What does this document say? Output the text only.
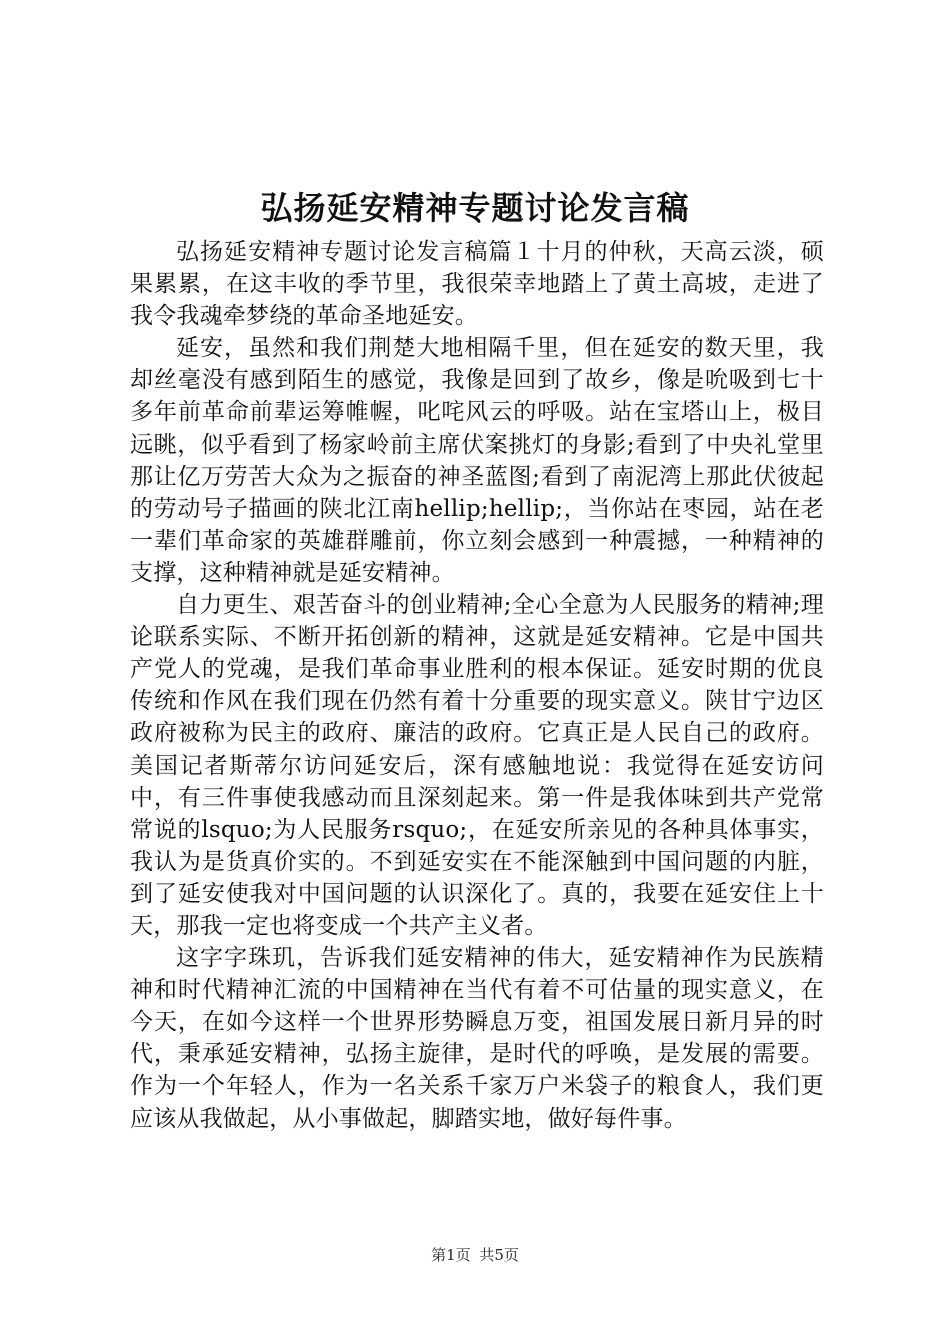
弘扬延安精神专题讨论发言稿

弘扬延安精神专题讨论发言稿篇１十月的仲秋，天高云淡，硕果累累，在这丰收的季节里，我很荣幸地踏上了黄土高坡，走进了我令我魂牵梦绕的革命圣地延安。

延安，虽然和我们荆楚大地相隔千里，但在延安的数天里，我却丝毫没有感到陌生的感觉，我像是回到了故乡，像是吮吸到七十多年前革命前辈运筹帷幄，叱咤风云的呼吸。站在宝塔山上，极目远眺，似乎看到了杨家岭前主席伏案挑灯的身影;看到了中央礼堂里那让亿万劳苦大众为之振奋的神圣蓝图;看到了南泥湾上那此伏彼起的劳动号子描画的陕北江南hellip;hellip;，当你站在枣园，站在老一辈们革命家的英雄群雕前，你立刻会感到一种震撼，一种精神的支撑，这种精神就是延安精神。

自力更生、艰苦奋斗的创业精神;全心全意为人民服务的精神;理论联系实际、不断开拓创新的精神，这就是延安精神。它是中国共产党人的党魂，是我们革命事业胜利的根本保证。延安时期的优良传统和作风在我们现在仍然有着十分重要的现实意义。陕甘宁边区政府被称为民主的政府、廉洁的政府。它真正是人民自己的政府。美国记者斯蒂尔访问延安后，深有感触地说：我觉得在延安访问中，有三件事使我感动而且深刻起来。第一件是我体味到共产党常常说的lsquo;为人民服务rsquo;，在延安所亲见的各种具体事实，我认为是货真价实的。不到延安实在不能深触到中国问题的内脏，到了延安使我对中国问题的认识深化了。真的，我要在延安住上十天，那我一定也将变成一个共产主义者。

这字字珠玑，告诉我们延安精神的伟大，延安精神作为民族精神和时代精神汇流的中国精神在当代有着不可估量的现实意义，在今天，在如今这样一个世界形势瞬息万变，祖国发展日新月异的时代，秉承延安精神，弘扬主旋律，是时代的呼唤，是发展的需要。作为一个年轻人，作为一名关系千家万户米袋子的粮食人，我们更应该从我做起，从小事做起，脚踏实地，做好每件事。

第1页 共5页
